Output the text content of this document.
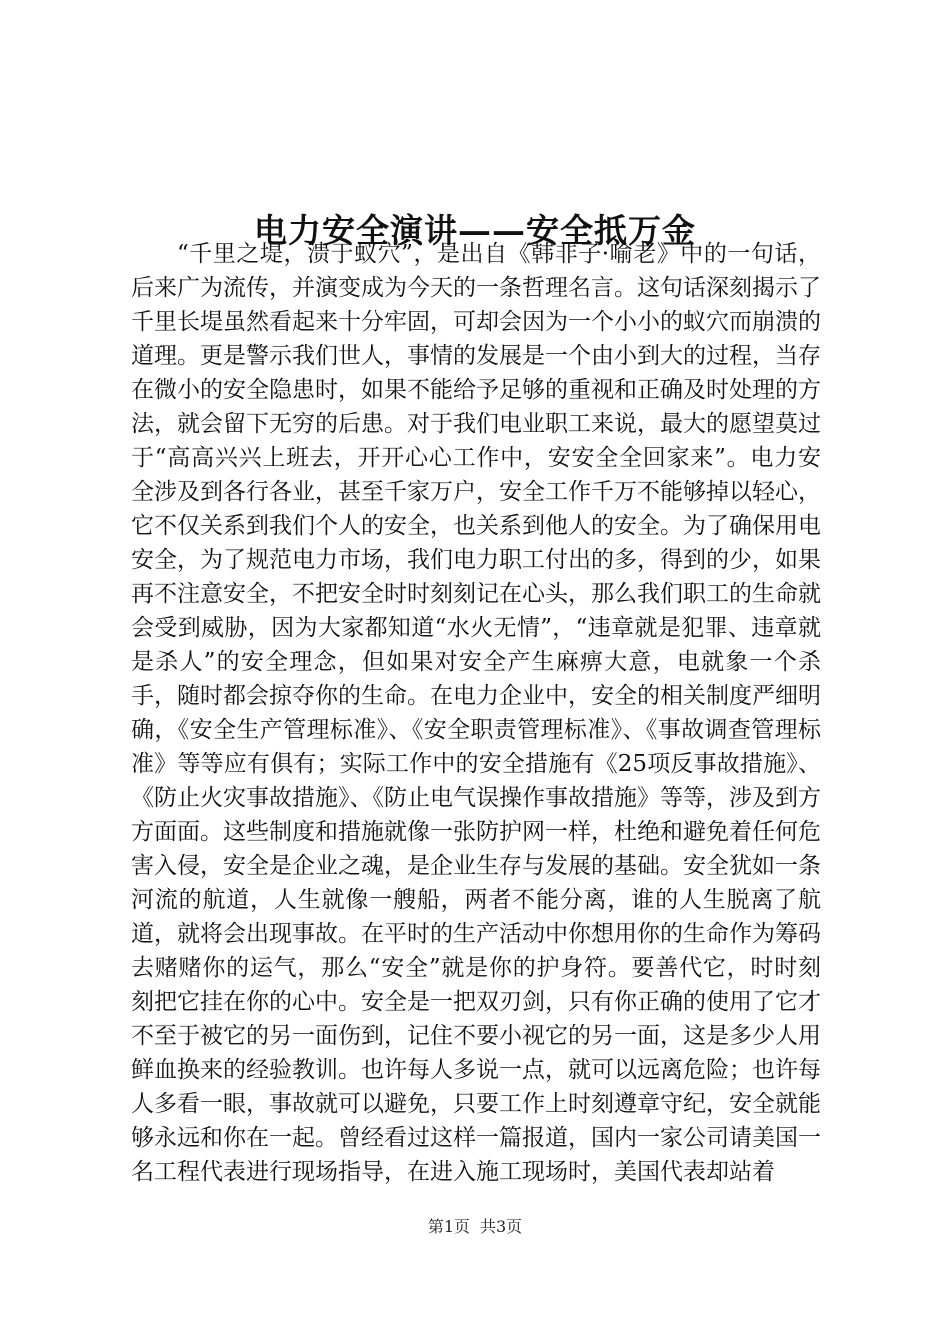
电力安全演讲——安全抵万金

“千里之堤，溃于蚁穴”，是出自《韩非子·喻老》中的一句话，后来广为流传，并演变成为今天的一条哲理名言。这句话深刻揭示了千里长堤虽然看起来十分牢固，可却会因为一个小小的蚁穴而崩溃的道理。更是警示我们世人，事情的发展是一个由小到大的过程，当存在微小的安全隐患时，如果不能给予足够的重视和正确及时处理的方法，就会留下无穷的后患。对于我们电业职工来说，最大的愿望莫过于“高高兴兴上班去，开开心心工作中，安安全全回家来”。电力安全涉及到各行各业，甚至千家万户，安全工作千万不能够掉以轻心，它不仅关系到我们个人的安全，也关系到他人的安全。为了确保用电安全，为了规范电力市场，我们电力职工付出的多，得到的少，如果再不注意安全，不把安全时时刻刻记在心头，那么我们职工的生命就会受到威胁，因为大家都知道“水火无情”，“违章就是犯罪、违章就是杀人”的安全理念，但如果对安全产生麻痹大意，电就象一个杀手，随时都会掠夺你的生命。在电力企业中，安全的相关制度严细明确，《安全生产管理标准》、《安全职责管理标准》、《事故调查管理标准》等等应有俱有；实际工作中的安全措施有《25项反事故措施》、《防止火灾事故措施》、《防止电气误操作事故措施》等等，涉及到方方面面。这些制度和措施就像一张防护网一样，杜绝和避免着任何危害入侵，安全是企业之魂，是企业生存与发展的基础。安全犹如一条河流的航道，人生就像一艘船，两者不能分离，谁的人生脱离了航道，就将会出现事故。在平时的生产活动中你想用你的生命作为筹码去赌赌你的运气，那么“安全”就是你的护身符。要善代它，时时刻刻把它挂在你的心中。安全是一把双刃剑，只有你正确的使用了它才不至于被它的另一面伤到，记住不要小视它的另一面，这是多少人用鲜血换来的经验教训。也许每人多说一点，就可以远离危险；也许每人多看一眼，事故就可以避免，只要工作上时刻遵章守纪，安全就能够永远和你在一起。曾经看过这样一篇报道，国内一家公司请美国一名工程代表进行现场指导，在进入施工现场时，美国代表却站着

第1页 共3页
